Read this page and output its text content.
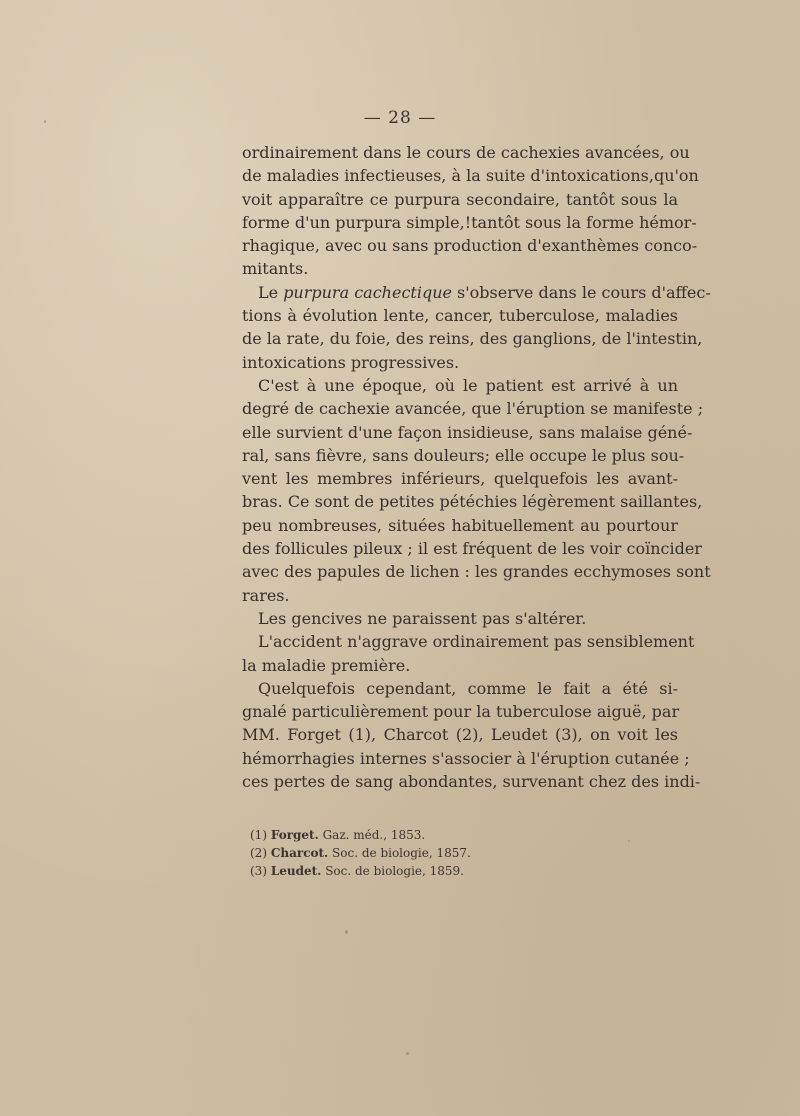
— 28 —
ordinairement dans le cours de cachexies avancées, ou
de maladies infectieuses, à la suite d'intoxications,qu'on
voit apparaître ce purpura secondaire, tantôt sous la
forme d'un purpura simple,!tantôt sous la forme hémor-
rhagique, avec ou sans production d'exanthèmes conco-
mitants.
Le purpura cachectique s'observe dans le cours d'affec-
tions à évolution lente, cancer, tuberculose, maladies
de la rate, du foie, des reins, des ganglions, de l'intestin,
intoxications progressives.
C'est à une époque, où le patient est arrivé à un
degré de cachexie avancée, que l'éruption se manifeste ;
elle survient d'une façon insidieuse, sans malaise géné-
ral, sans fièvre, sans douleurs; elle occupe le plus sou-
vent les membres inférieurs, quelquefois les avant-
bras. Ce sont de petites pétéchies légèrement saillantes,
peu nombreuses, situées habituellement au pourtour
des follicules pileux ; il est fréquent de les voir coïncider
avec des papules de lichen : les grandes ecchymoses sont
rares.
Les gencives ne paraissent pas s'altérer.
L'accident n'aggrave ordinairement pas sensiblement
la maladie première.
Quelquefois cependant, comme le fait a été si-
gnalé particulièrement pour la tuberculose aiguë, par
MM. Forget (1), Charcot (2), Leudet (3), on voit les
hémorrhagies internes s'associer à l'éruption cutanée ;
ces pertes de sang abondantes, survenant chez des indi-
(1) Forget. Gaz. méd., 1853.
(2) Charcot. Soc. de biologie, 1857.
(3) Leudet. Soc. de biologie, 1859.
